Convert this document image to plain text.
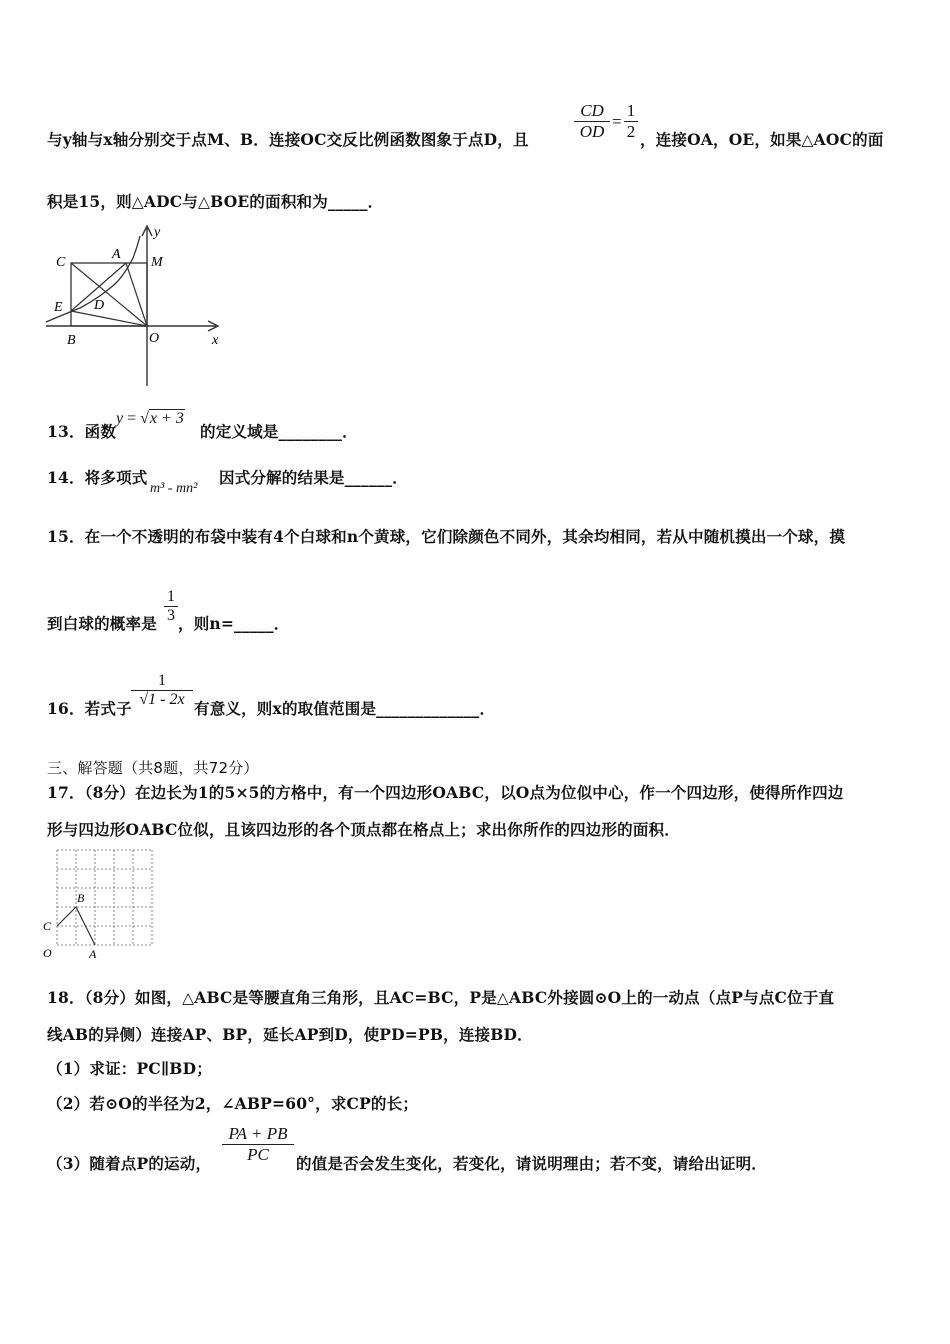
与y轴与x轴分别交于点M、B．连接OC交反比例函数图象于点D，且
CD
OD
=
1
2 ，连接OA，OE，如果△AOC的面
积是15，则△ADC与△BOE的面积和为_____．
C
A
y
M
E D
B	O	x
13．函数
y = √x + 3
的定义域是________．
14．将多项式
m³ - mn²
因式分解的结果是______．
15．在一个不透明的布袋中装有4个白球和n个黄球，它们除颜色不同外，其余均相同，若从中随机摸出一个球，摸
到白球的概率是
1
3 ，则n=_____．
16．若式子
1
√1 - 2x 有意义，则x的取值范围是_____________．
三、解答题（共8题，共72分）
17．（8分）在边长为1的5×5的方格中，有一个四边形OABC，以O点为位似中心，作一个四边形，使得所作四边
形与四边形OABC位似，且该四边形的各个顶点都在格点上；求出你所作的四边形的面积．
B
C
O	A
18．（8分）如图，△ABC是等腰直角三角形，且AC=BC，P是△ABC外接圆⊙O上的一动点（点P与点C位于直
线AB的异侧）连接AP、BP，延长AP到D，使PD=PB，连接BD．
（1）求证：PC∥BD；
（2）若⊙O的半径为2，∠ABP=60°，求CP的长；
（3）随着点P的运动，
PA + PB
PC	的值是否会发生变化，若变化，请说明理由；若不变，请给出证明．
